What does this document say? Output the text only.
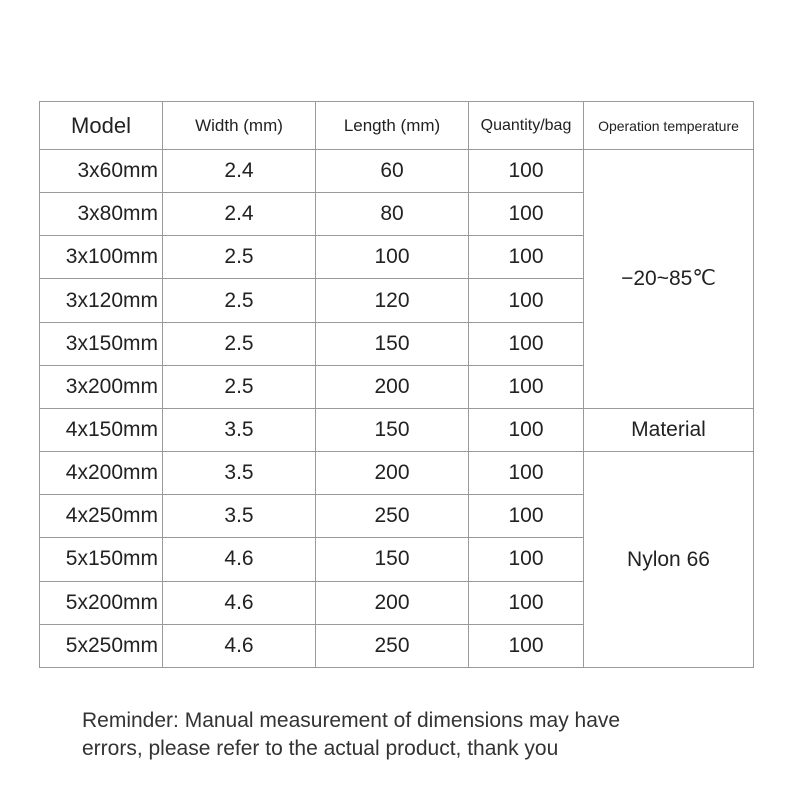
Model	Width (mm)	Length (mm)	Quantity/bag	Operation temperature
3x60mm	2.4	60	100	−20~85℃
3x80mm	2.4	80	100	
3x100mm	2.5	100	100	
3x120mm	2.5	120	100	
3x150mm	2.5	150	100	
3x200mm	2.5	200	100	
4x150mm	3.5	150	100	Material
4x200mm	3.5	200	100	Nylon 66
4x250mm	3.5	250	100	
5x150mm	4.6	150	100	
5x200mm	4.6	200	100	
5x250mm	4.6	250	100	
Reminder: Manual measurement of dimensions may have
errors, please refer to the actual product, thank you
